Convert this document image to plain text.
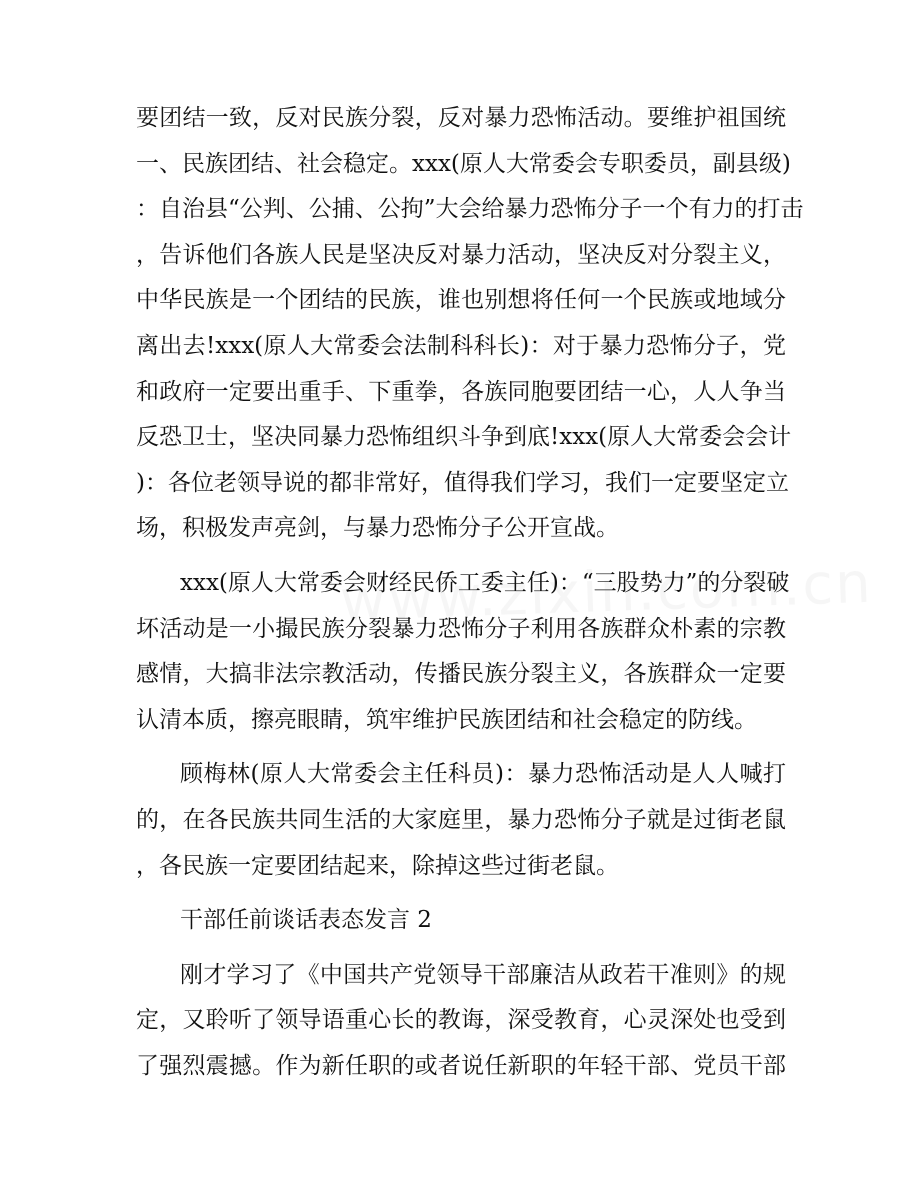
要团结一致，反对民族分裂，反对暴力恐怖活动。要维护祖国统
一、民族团结、社会稳定。xxx(原人大常委会专职委员，副县级)
：自治县“公判、公捕、公拘”大会给暴力恐怖分子一个有力的打击
，告诉他们各族人民是坚决反对暴力活动，坚决反对分裂主义，
中华民族是一个团结的民族，谁也别想将任何一个民族或地域分
离出去!xxx(原人大常委会法制科科长)：对于暴力恐怖分子，党
和政府一定要出重手、下重拳，各族同胞要团结一心，人人争当
反恐卫士，坚决同暴力恐怖组织斗争到底!xxx(原人大常委会会计
)：各位老领导说的都非常好，值得我们学习，我们一定要坚定立
场，积极发声亮剑，与暴力恐怖分子公开宣战。
xxx(原人大常委会财经民侨工委主任)：“三股势力”的分裂破
坏活动是一小撮民族分裂暴力恐怖分子利用各族群众朴素的宗教
感情，大搞非法宗教活动，传播民族分裂主义，各族群众一定要
认清本质，擦亮眼睛，筑牢维护民族团结和社会稳定的防线。
顾梅林(原人大常委会主任科员)：暴力恐怖活动是人人喊打
的，在各民族共同生活的大家庭里，暴力恐怖分子就是过街老鼠
，各民族一定要团结起来，除掉这些过街老鼠。
干部任前谈话表态发言 2
刚才学习了《中国共产党领导干部廉洁从政若干准则》的规
定，又聆听了领导语重心长的教诲，深受教育，心灵深处也受到
了强烈震撼。作为新任职的或者说任新职的年轻干部、党员干部
